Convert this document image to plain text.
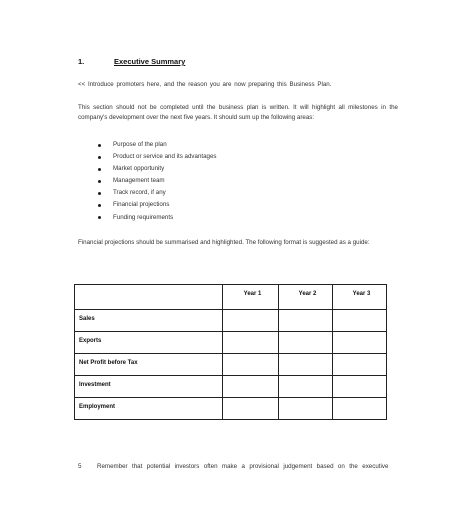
1.	Executive Summary
<< Introduce promoters here, and the reason you are now preparing this Business Plan.
This section should not be completed until the business plan is written. It will highlight all milestones in the company's development over the next five years. It should sum up the following areas:
Purpose of the plan
Product or service and its advantages
Market opportunity
Management team
Track record, if any
Financial projections
Funding requirements
Financial projections should be summarised and highlighted. The following format is suggested as a guide:
	Year 1	Year 2	Year 3
Sales			
Exports			
Net Profit before Tax			
Investment			
Employment			
5	Remember that potential investors often make a provisional judgement based on the executive
